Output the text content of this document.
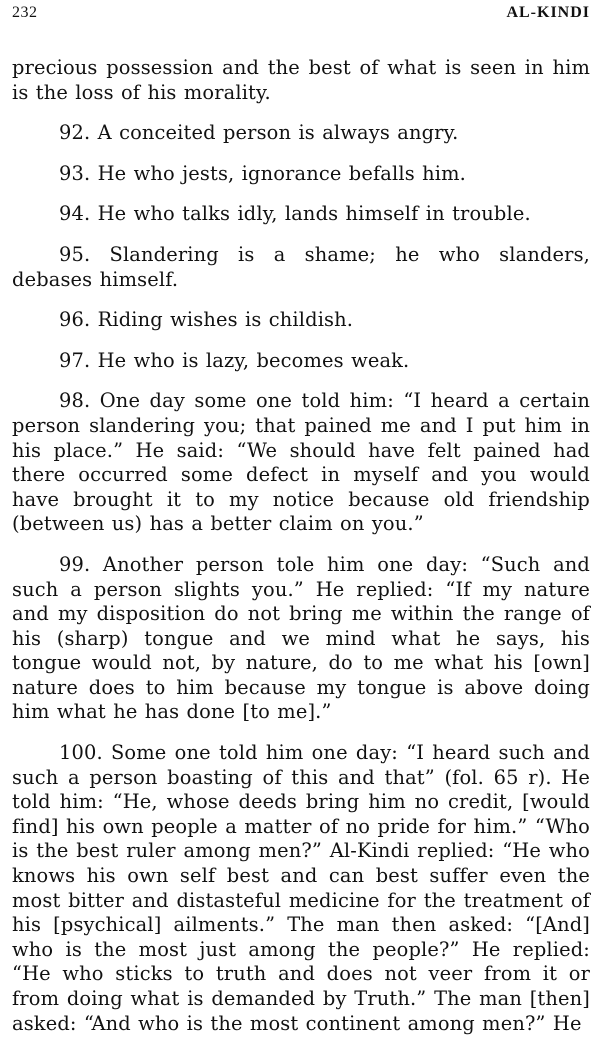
232	AL-KINDI

precious possession and the best of what is seen in him is the loss of his morality.

92. A conceited person is always angry.

93. He who jests, ignorance befalls him.

94. He who talks idly, lands himself in trouble.

95. Slandering is a shame; he who slanders, debases himself.

96. Riding wishes is childish.

97. He who is lazy, becomes weak.

98. One day some one told him: “I heard a certain person slandering you; that pained me and I put him in his place.” He said: “We should have felt pained had there occurred some defect in myself and you would have brought it to my notice because old friendship (between us) has a better claim on you.”

99. Another person tole him one day: “Such and such a person slights you.” He replied: “If my nature and my disposition do not bring me within the range of his (sharp) tongue and we mind what he says, his tongue would not, by nature, do to me what his [own] nature does to him because my tongue is above doing him what he has done [to me].”

100. Some one told him one day: “I heard such and such a person boasting of this and that” (fol. 65 r). He told him: “He, whose deeds bring him no credit, [would find] his own people a matter of no pride for him.” “Who is the best ruler among men?” Al-Kindi replied: “He who knows his own self best and can best suffer even the most bitter and distasteful medicine for the treatment of his [psychical] ailments.” The man then asked: “[And] who is the most just among the people?” He replied: “He who sticks to truth and does not veer from it or from doing what is demanded by Truth.” The man [then] asked: “And who is the most continent among men?” He
